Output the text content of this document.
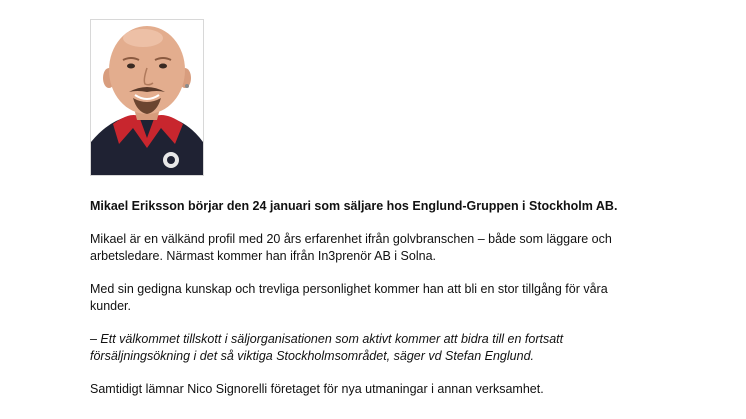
Mikael Eriksson börjar den 24 januari som säljare hos Englund-Gruppen i Stockholm AB.

Mikael är en välkänd profil med 20 års erfarenhet ifrån golvbranschen – både som läggare och arbetsledare. Närmast kommer han ifrån In3prenör AB i Solna.

Med sin gedigna kunskap och trevliga personlighet kommer han att bli en stor tillgång för våra kunder.

– Ett välkommet tillskott i säljorganisationen som aktivt kommer att bidra till en fortsatt försäljningsökning i det så viktiga Stockholmsområdet, säger vd Stefan Englund.

Samtidigt lämnar Nico Signorelli företaget för nya utmaningar i annan verksamhet.
